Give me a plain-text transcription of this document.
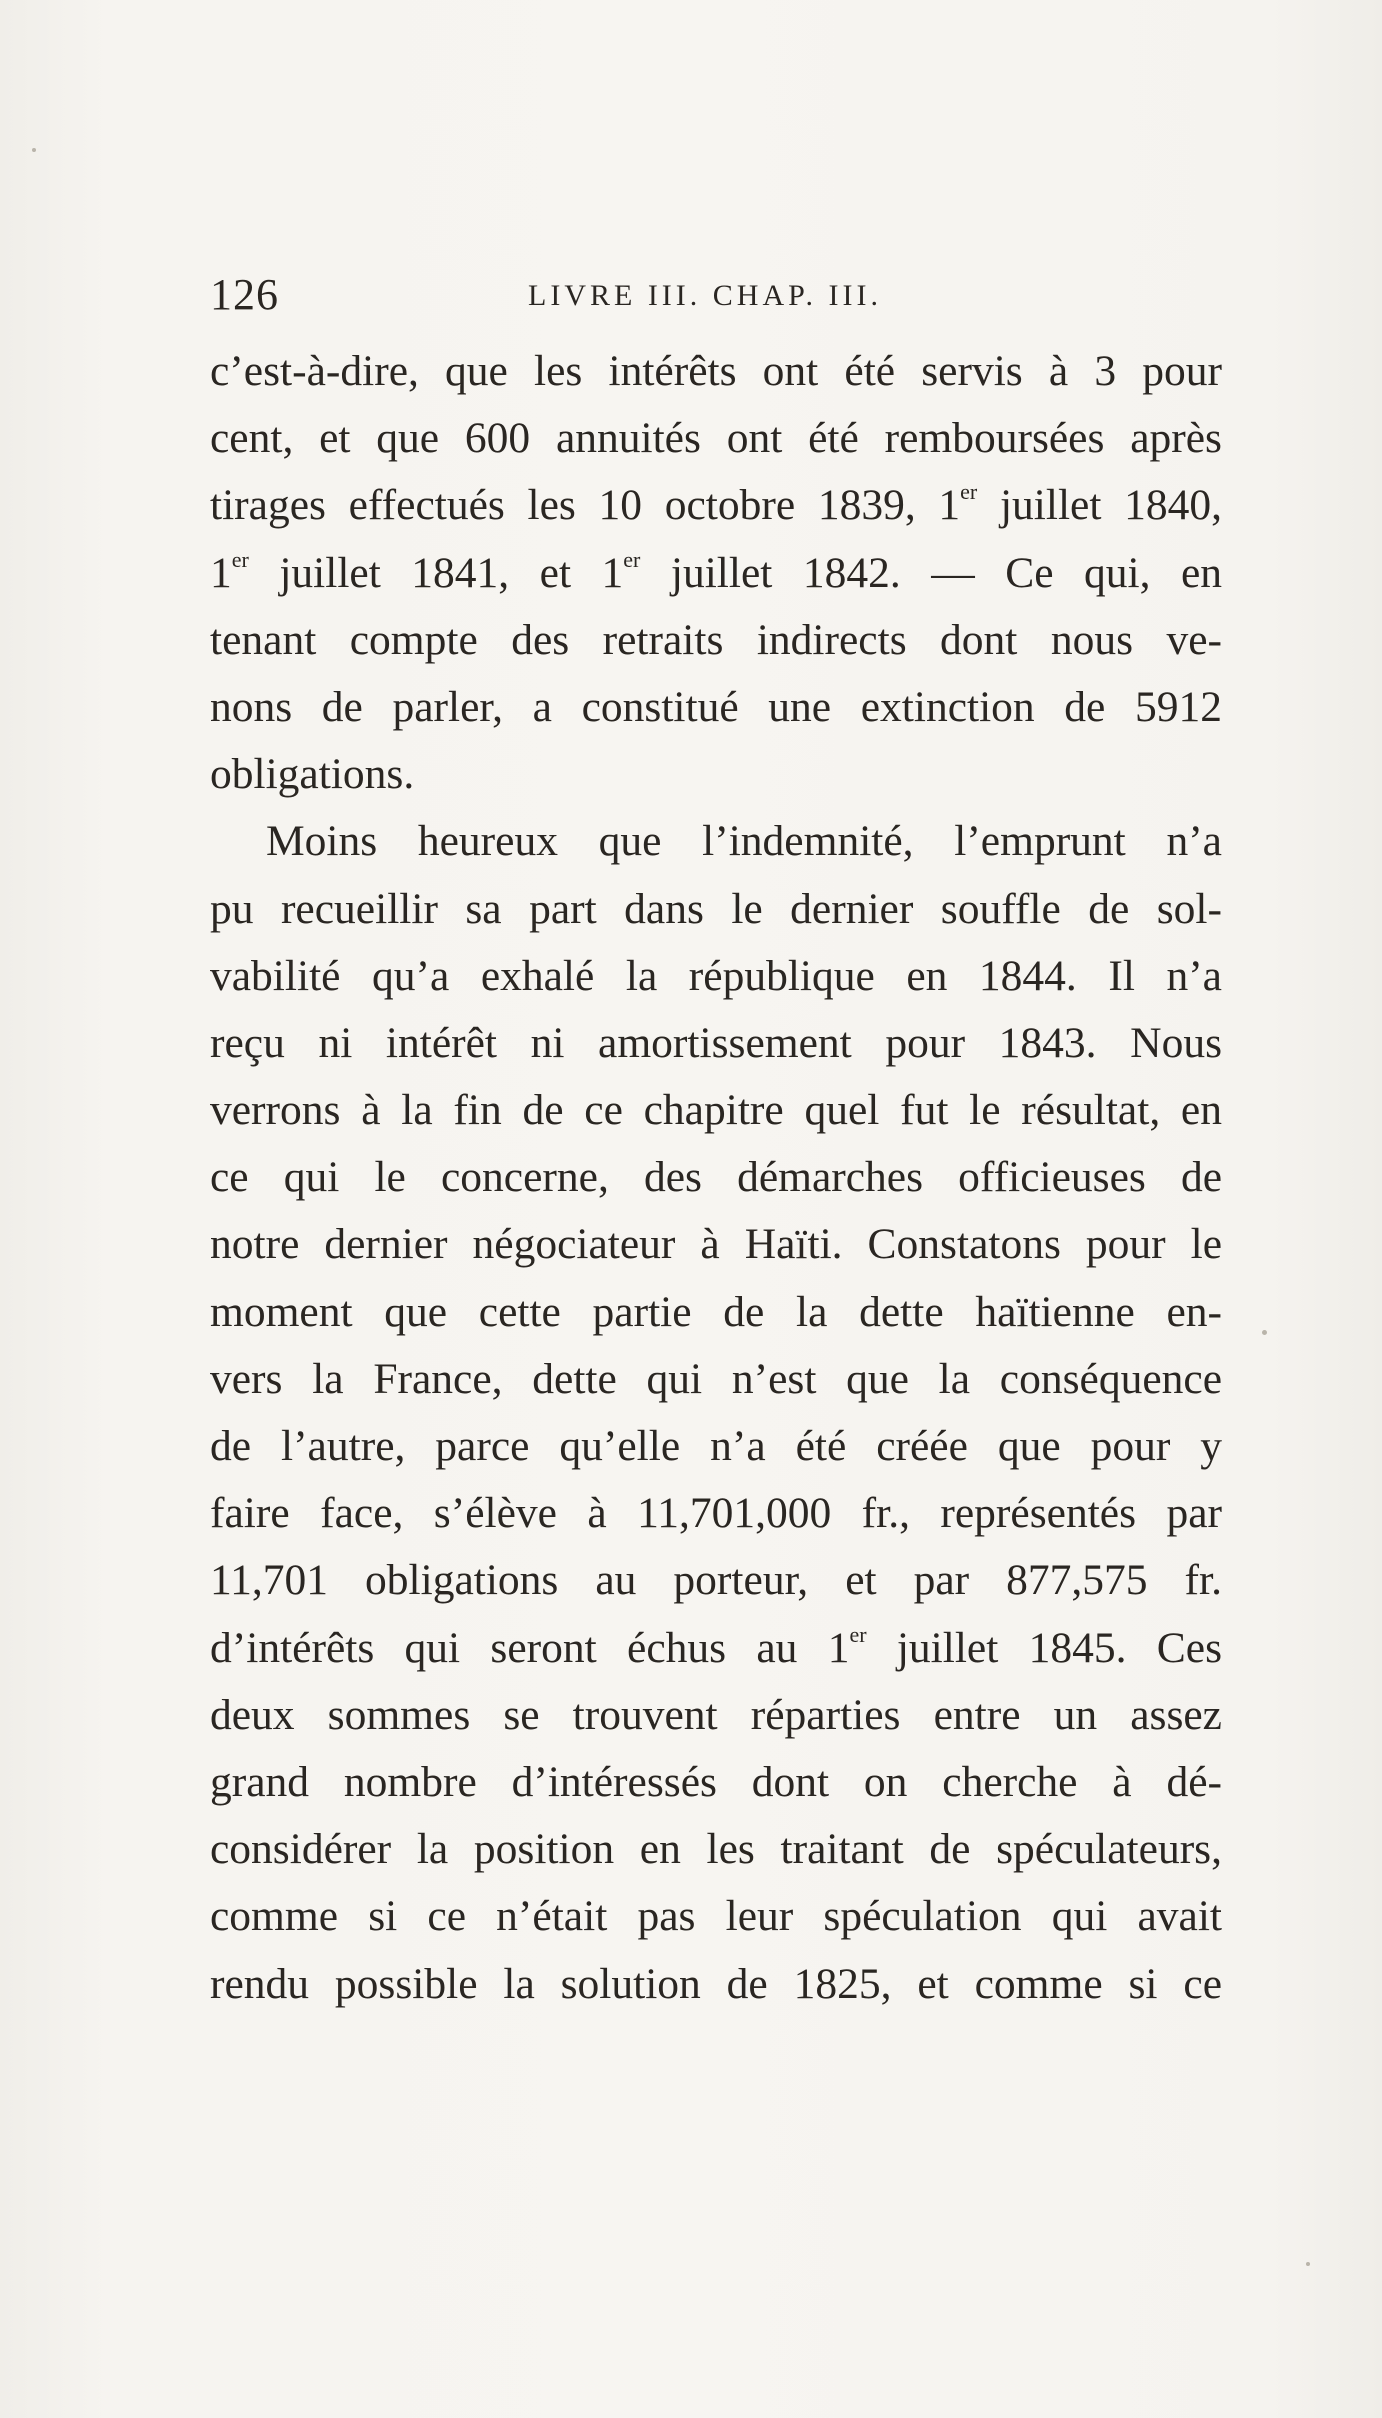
126	LIVRE III. CHAP. III.
c’est-à-dire, que les intérêts ont été servis à 3 pour
cent, et que 600 annuités ont été remboursées après
tirages effectués les 10 octobre 1839, 1er juillet 1840,
1er juillet 1841, et 1er juillet 1842. — Ce qui, en
tenant compte des retraits indirects dont nous ve-
nons de parler, a constitué une extinction de 5912
obligations.
Moins heureux que l’indemnité, l’emprunt n’a
pu recueillir sa part dans le dernier souffle de sol-
vabilité qu’a exhalé la république en 1844. Il n’a
reçu ni intérêt ni amortissement pour 1843. Nous
verrons à la fin de ce chapitre quel fut le résultat, en
ce qui le concerne, des démarches officieuses de
notre dernier négociateur à Haïti. Constatons pour le
moment que cette partie de la dette haïtienne en-
vers la France, dette qui n’est que la conséquence
de l’autre, parce qu’elle n’a été créée que pour y
faire face, s’élève à 11,701,000 fr., représentés par
11,701 obligations au porteur, et par 877,575 fr.
d’intérêts qui seront échus au 1er juillet 1845. Ces
deux sommes se trouvent réparties entre un assez
grand nombre d’intéressés dont on cherche à dé-
considérer la position en les traitant de spéculateurs,
comme si ce n’était pas leur spéculation qui avait
rendu possible la solution de 1825, et comme si ce
